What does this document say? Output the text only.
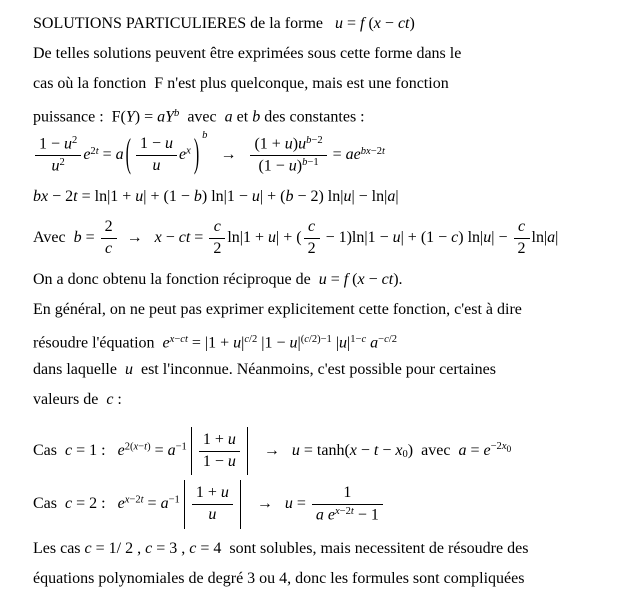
SOLUTIONS PARTICULIERES de la forme   u = f (x − ct)
De telles solutions peuvent être exprimées sous cette forme dans le
cas où la fonction  F n'est plus quelconque, mais est une fonction
puissance :  $F(Y) = aY^b$  avec  a et b des constantes :
$\frac{1 - u^2}{u^2} e^{2t} = a$ ( $\frac{1 - u}{u} e^x$ ) b
→ $\frac{(1 + u)u^{b-2}}{(1 - u)^{b-1}} = ae^{bx-2t}$
bx − 2t = ln|1 + u| + (1 − b) ln|1 − u| + (b − 2) ln|u| − ln|a|
Avec  $b = \frac{2}{c} \to x$ − ct = $\frac{c}{2} \ln|1 + u|$ + ( $\frac{c}{2} - 1)\ln|1 - u| + (1 - c)$ $\ln|u| - \frac{c}{2} \ln|a|$
On a donc obtenu la fonction réciproque de  u = f (x − ct).
En général, on ne peut pas exprimer explicitement cette fonction, c'est à dire
résoudre l'équation  $e^{x-ct} = |1 + u|^{c/2}$ $|1 - u|^{(c/2)-1}$ $|u|^{1-c}$ $a^{-c/2}$
dans laquelle  u  est l'inconnue. Néanmoins, c'est possible pour certaines
valeurs de  c :
Cas  c = 1 :   $e^{2(x-t)} = a^{-1} \frac{1 + u}{1 - u} \to u = \tanh(x - t - x_0)$  avec  $a = e^{-2x0}$
Cas  c = 2 :   $e^{x-2t} = a^{-1} \frac{1 + u}{u} \to u = \frac{1}{a e^{x-2t} - 1}$
Les cas c = 1/ 2 , c = 3 , c = 4  sont solubles, mais necessitent de résoudre des
équations polynomiales de degré 3 ou 4, donc les formules sont compliquées
